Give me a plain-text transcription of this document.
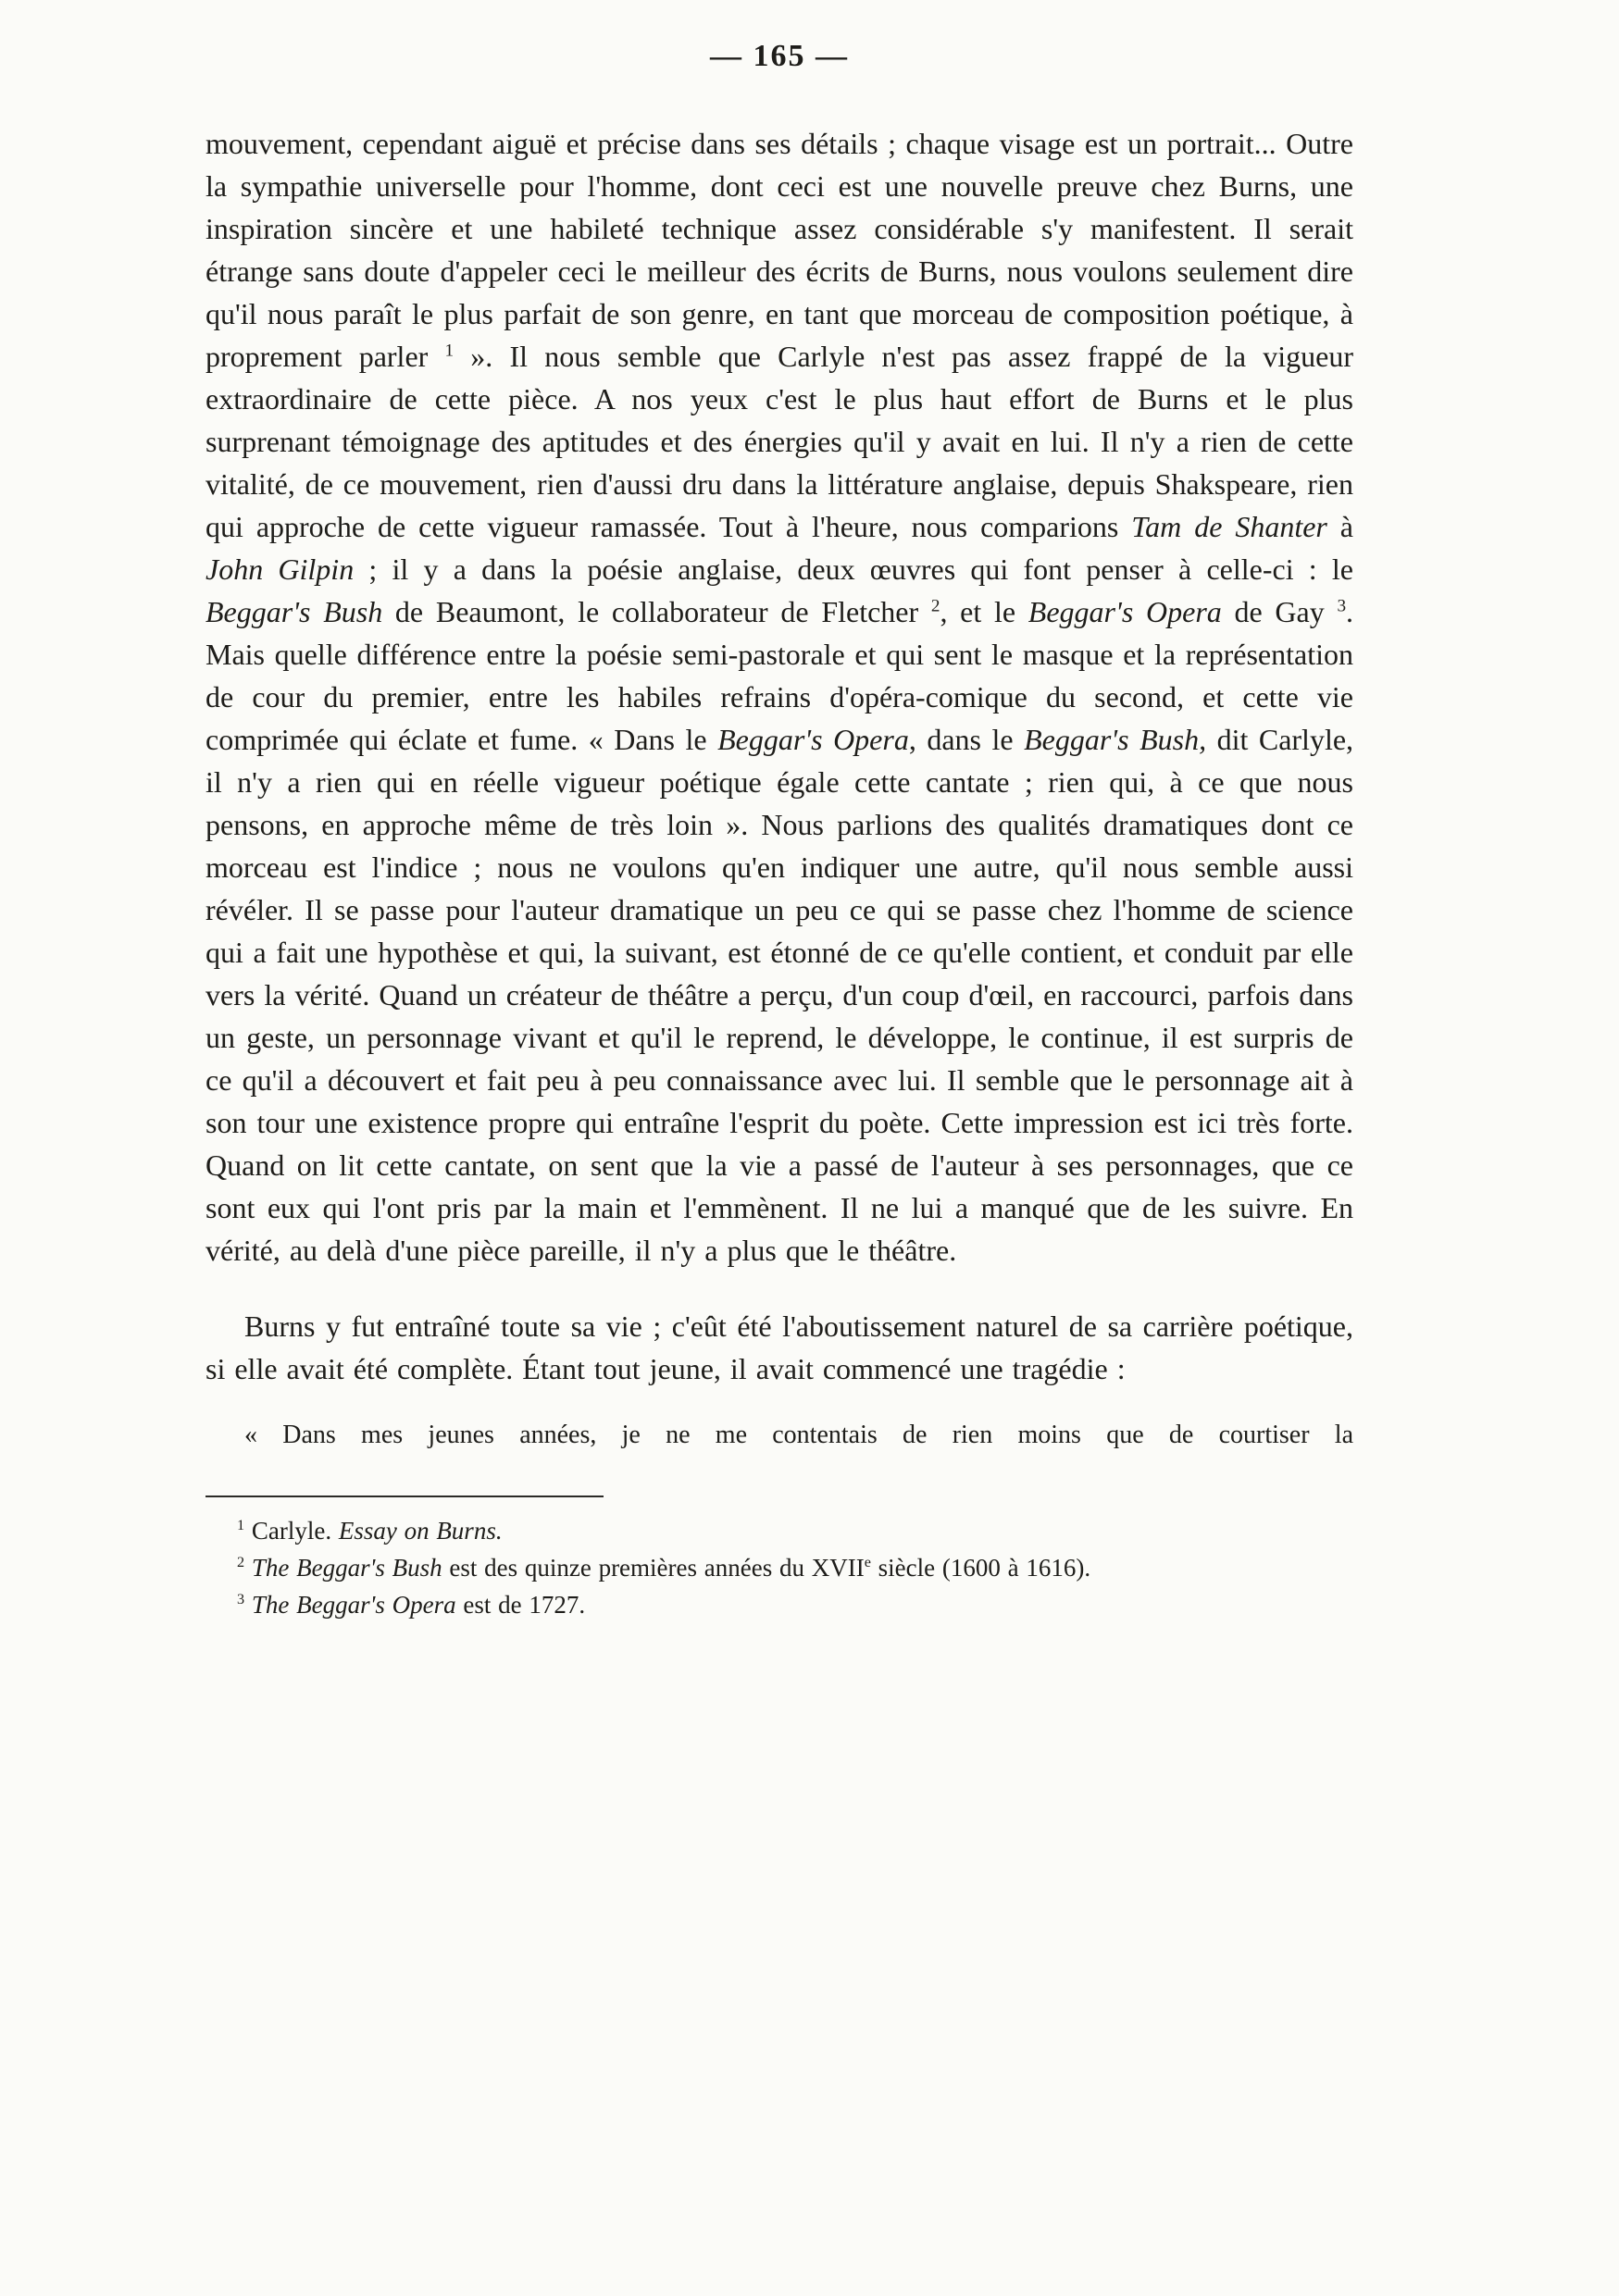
— 165 —

mouvement, cependant aiguë et précise dans ses détails ; chaque visage est un portrait... Outre la sympathie universelle pour l'homme, dont ceci est une nouvelle preuve chez Burns, une inspiration sincère et une habileté technique assez considérable s'y manifestent. Il serait étrange sans doute d'appeler ceci le meilleur des écrits de Burns, nous voulons seulement dire qu'il nous paraît le plus parfait de son genre, en tant que morceau de composition poétique, à proprement parler $^1$ ». Il nous semble que Carlyle n'est pas assez frappé de la vigueur extraordinaire de cette pièce. A nos yeux c'est le plus haut effort de Burns et le plus surprenant témoignage des aptitudes et des énergies qu'il y avait en lui. Il n'y a rien de cette vitalité, de ce mouvement, rien d'aussi dru dans la littérature anglaise, depuis Shakspeare, rien qui approche de cette vigueur ramassée. Tout à l'heure, nous comparions Tam de Shanter à John Gilpin ; il y a dans la poésie anglaise, deux œuvres qui font penser à celle-ci : le Beggar's Bush de Beaumont, le collaborateur de Fletcher $^2$, et le Beggar's Opera de Gay $^3$. Mais quelle différence entre la poésie semi-pastorale et qui sent le masque et la représentation de cour du premier, entre les habiles refrains d'opéra-comique du second, et cette vie comprimée qui éclate et fume. « Dans le Beggar's Opera, dans le Beggar's Bush, dit Carlyle, il n'y a rien qui en réelle vigueur poétique égale cette cantate ; rien qui, à ce que nous pensons, en approche même de très loin ». Nous parlions des qualités dramatiques dont ce morceau est l'indice ; nous ne voulons qu'en indiquer une autre, qu'il nous semble aussi révéler. Il se passe pour l'auteur dramatique un peu ce qui se passe chez l'homme de science qui a fait une hypothèse et qui, la suivant, est étonné de ce qu'elle contient, et conduit par elle vers la vérité. Quand un créateur de théâtre a perçu, d'un coup d'œil, en raccourci, parfois dans un geste, un personnage vivant et qu'il le reprend, le développe, le continue, il est surpris de ce qu'il a découvert et fait peu à peu connaissance avec lui. Il semble que le personnage ait à son tour une existence propre qui entraîne l'esprit du poète. Cette impression est ici très forte. Quand on lit cette cantate, on sent que la vie a passé de l'auteur à ses personnages, que ce sont eux qui l'ont pris par la main et l'emmènent. Il ne lui a manqué que de les suivre. En vérité, au delà d'une pièce pareille, il n'y a plus que le théâtre.

Burns y fut entraîné toute sa vie ; c'eût été l'aboutissement naturel de sa carrière poétique, si elle avait été complète. Étant tout jeune, il avait commencé une tragédie :

« Dans mes jeunes années, je ne me contentais de rien moins que de courtiser la

$^1$ Carlyle. Essay on Burns.

$^2$ The Beggar's Bush est des quinze premières années du XVIIe siècle (1600 à 1616).

$^3$ The Beggar's Opera est de 1727.
